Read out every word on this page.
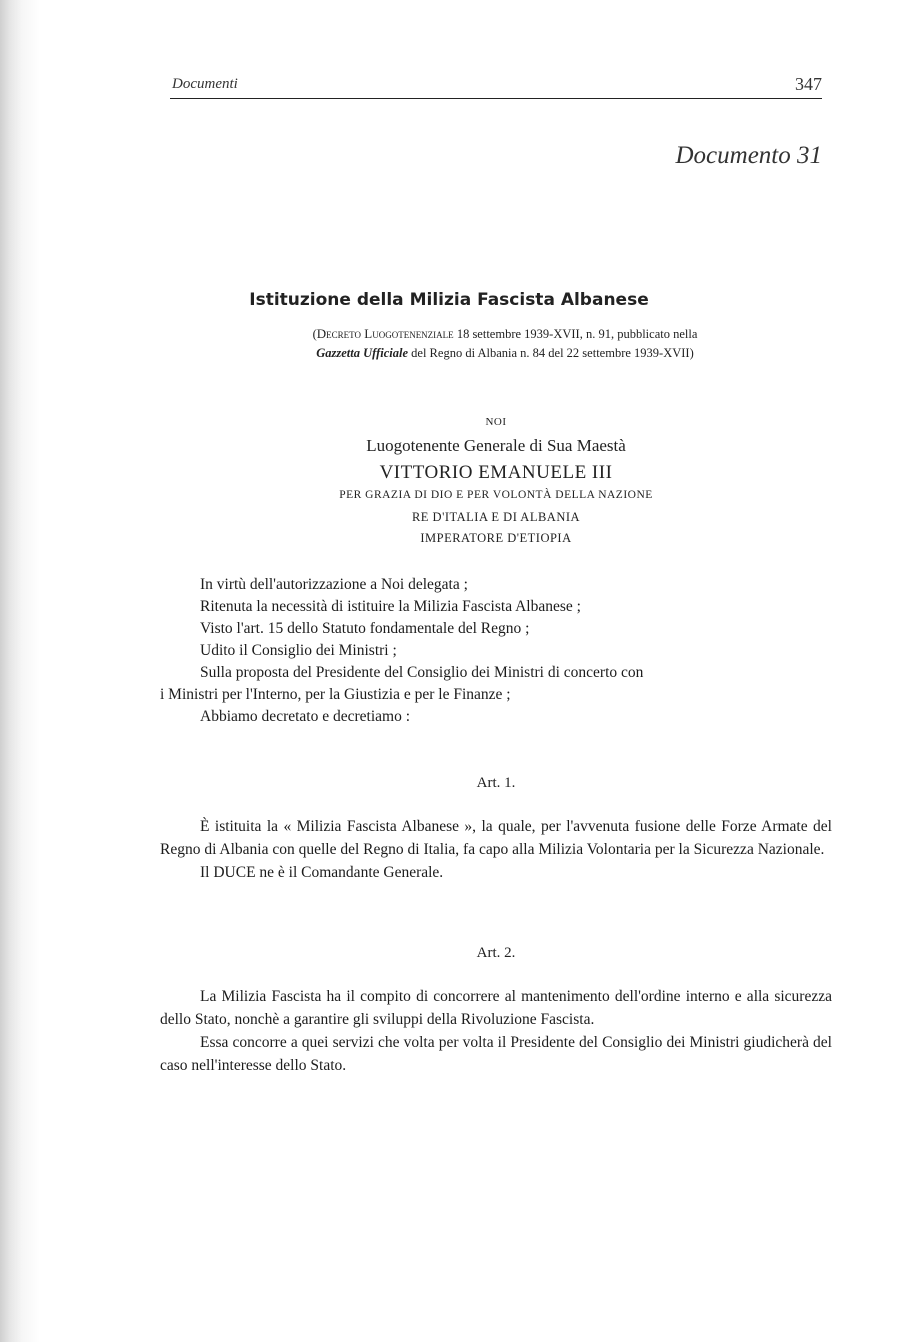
Documenti	347
Documento 31
Istituzione della Milizia Fascista Albanese
(Decreto Luogotenenziale 18 settembre 1939-XVII, n. 91, pubblicato nella
Gazzetta Ufficiale del Regno di Albania n. 84 del 22 settembre 1939-XVII)
NOI
Luogotenente Generale di Sua Maestà
VITTORIO EMANUELE III
PER GRAZIA DI DIO E PER VOLONTÀ DELLA NAZIONE
RE D'ITALIA E DI ALBANIA
IMPERATORE D'ETIOPIA

In virtù dell'autorizzazione a Noi delegata ;

Ritenuta la necessità di istituire la Milizia Fascista Albanese ;

Visto l'art. 15 dello Statuto fondamentale del Regno ;

Udito il Consiglio dei Ministri ;

Sulla proposta del Presidente del Consiglio dei Ministri di concerto con

i Ministri per l'Interno, per la Giustizia e per le Finanze ;

Abbiamo decretato e decretiamo :

Art. 1.

È istituita la « Milizia Fascista Albanese », la quale, per l'avvenuta fusione delle Forze Armate del Regno di Albania con quelle del Regno di Italia, fa capo alla Milizia Volontaria per la Sicurezza Nazionale.

Il DUCE ne è il Comandante Generale.

Art. 2.

La Milizia Fascista ha il compito di concorrere al mantenimento dell'ordine interno e alla sicurezza dello Stato, nonchè a garantire gli sviluppi della Rivoluzione Fascista.

Essa concorre a quei servizi che volta per volta il Presidente del Consiglio dei Ministri giudicherà del caso nell'interesse dello Stato.
